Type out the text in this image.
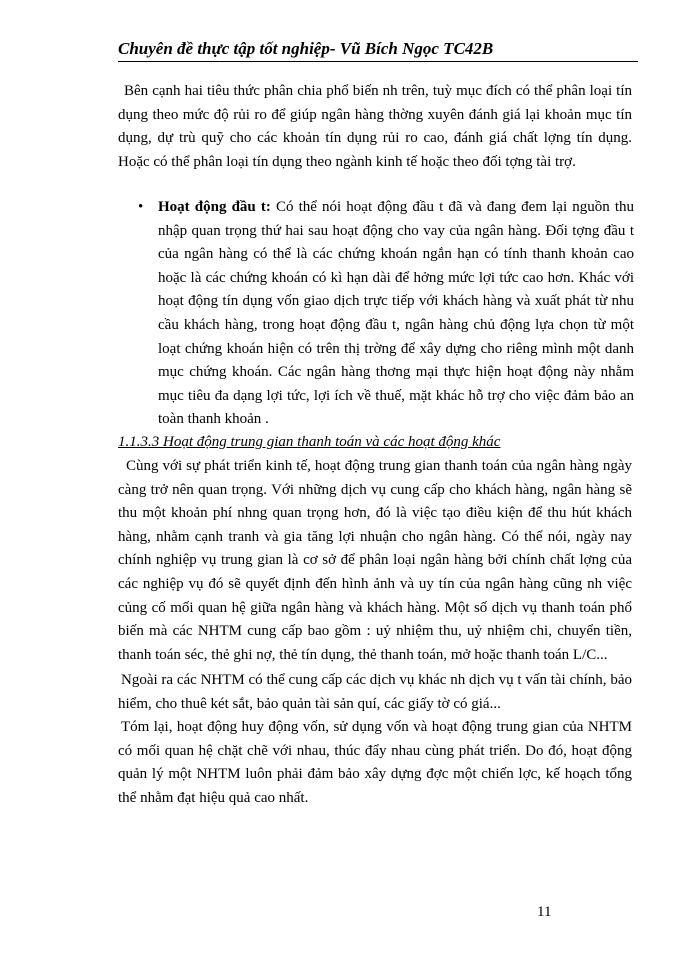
Chuyên đề thực tập tốt nghiệp- Vũ Bích Ngọc TC42B

Bên cạnh hai tiêu thức phân chia phổ biến nh trên, tuỳ mục đích có thể phân loại tín dụng theo mức độ rủi ro để giúp ngân hàng thờng xuyên đánh giá lại khoản mục tín dụng, dự trù quỹ cho các khoản tín dụng rủi ro cao, đánh giá chất lợng tín dụng. Hoặc có thể phân loại tín dụng theo ngành kinh tế hoặc theo đối tợng tài trợ.

• Hoạt động đầu t: Có thể nói hoạt động đầu t đã và đang đem lại nguồn thu nhập quan trọng thứ hai sau hoạt động cho vay của ngân hàng. Đối tợng đầu t của ngân hàng có thể là các chứng khoán ngắn hạn có tính thanh khoản cao hoặc là các chứng khoán có kì hạn dài để hởng mức lợi tức cao hơn. Khác với hoạt động tín dụng vốn giao dịch trực tiếp với khách hàng và xuất phát từ nhu cầu khách hàng, trong hoạt động đầu t, ngân hàng chủ động lựa chọn từ một loạt chứng khoán hiện có trên thị trờng để xây dựng cho riêng mình một danh mục chứng khoán. Các ngân hàng thơng mại thực hiện hoạt động này nhằm mục tiêu đa dạng lợi tức, lợi ích về thuế, mặt khác hỗ trợ cho việc đảm bảo an toàn thanh khoản .

1.1.3.3 Hoạt động trung gian thanh toán và các hoạt động khác

Cùng với sự phát triển kinh tế, hoạt động trung gian thanh toán của ngân hàng ngày càng trở nên quan trọng. Với những dịch vụ cung cấp cho khách hàng, ngân hàng sẽ thu một khoản phí nhng quan trọng hơn, đó là việc tạo điều kiện để thu hút khách hàng, nhằm cạnh tranh và gia tăng lợi nhuận cho ngân hàng. Có thể nói, ngày nay chính nghiệp vụ trung gian là cơ sở để phân loại ngân hàng bởi chính chất lợng của các nghiệp vụ đó sẽ quyết định đến hình ảnh và uy tín của ngân hàng cũng nh việc củng cố mối quan hệ giữa ngân hàng và khách hàng. Một số dịch vụ thanh toán phổ biến mà các NHTM cung cấp bao gồm : uỷ nhiệm thu, uỷ nhiệm chi, chuyển tiền, thanh toán séc, thẻ ghi nợ, thẻ tín dụng, thẻ thanh toán, mở hoặc thanh toán L/C...

Ngoài ra các NHTM có thể cung cấp các dịch vụ khác nh dịch vụ t vấn tài chính, bảo hiểm, cho thuê két sắt, bảo quản tài sản quí, các giấy tờ có giá...

Tóm lại, hoạt động huy động vốn, sử dụng vốn và hoạt động trung gian của NHTM có mối quan hệ chặt chẽ với nhau, thúc đẩy nhau cùng phát triển. Do đó, hoạt động quản lý một NHTM luôn phải đảm bảo xây dựng đợc một chiến lợc, kế hoạch tổng thể nhằm đạt hiệu quả cao nhất.

11
